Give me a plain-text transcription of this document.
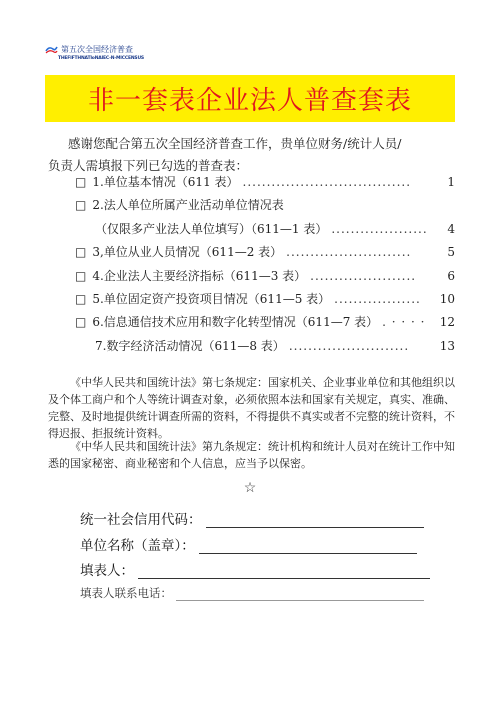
第五次全国经济普查
THEFIFTHNATIoNAIEC-N-MICCENSUS
非一套表企业法人普查套表
感谢您配合第五次全国经济普查工作，贵单位财务/统计人员/
负责人需填报下列已勾选的普查表：
□ 1.单位基本情况（611 表） ...................................	1
□ 2.法人单位所属产业活动单位情况表
（仅限多产业法人单位填写）（611—1 表） ....................	4
□ 3,单位从业人员情况（611—2 表） ..........................	5
□ 4.企业法人主要经济指标（611—3 表） ......................	6
□ 5.单位固定资产投资项目情况（611—5 表） ..................	10
□ 6.信息通信技术应用和数字化转型情况（611—7 表） . · · · ·	12
7.数字经济活动情况（611—8 表） .........................	13
《中华人民共和国统计法》第七条规定：国家机关、企业事业单位和其他组织以及个体工商户和个人等统计调查对象，必须依照本法和国家有关规定，真实、准确、完整、及时地提供统计调查所需的资料，不得提供不真实或者不完整的统计资料，不得迟报、拒报统计资料。
《中华人民共和国统计法》第九条规定：统计机构和统计人员对在统计工作中知悉的国家秘密、商业秘密和个人信息，应当予以保密。
☆
统一社会信用代码：
单位名称（盖章）：
填表人：
填表人联系电话：
